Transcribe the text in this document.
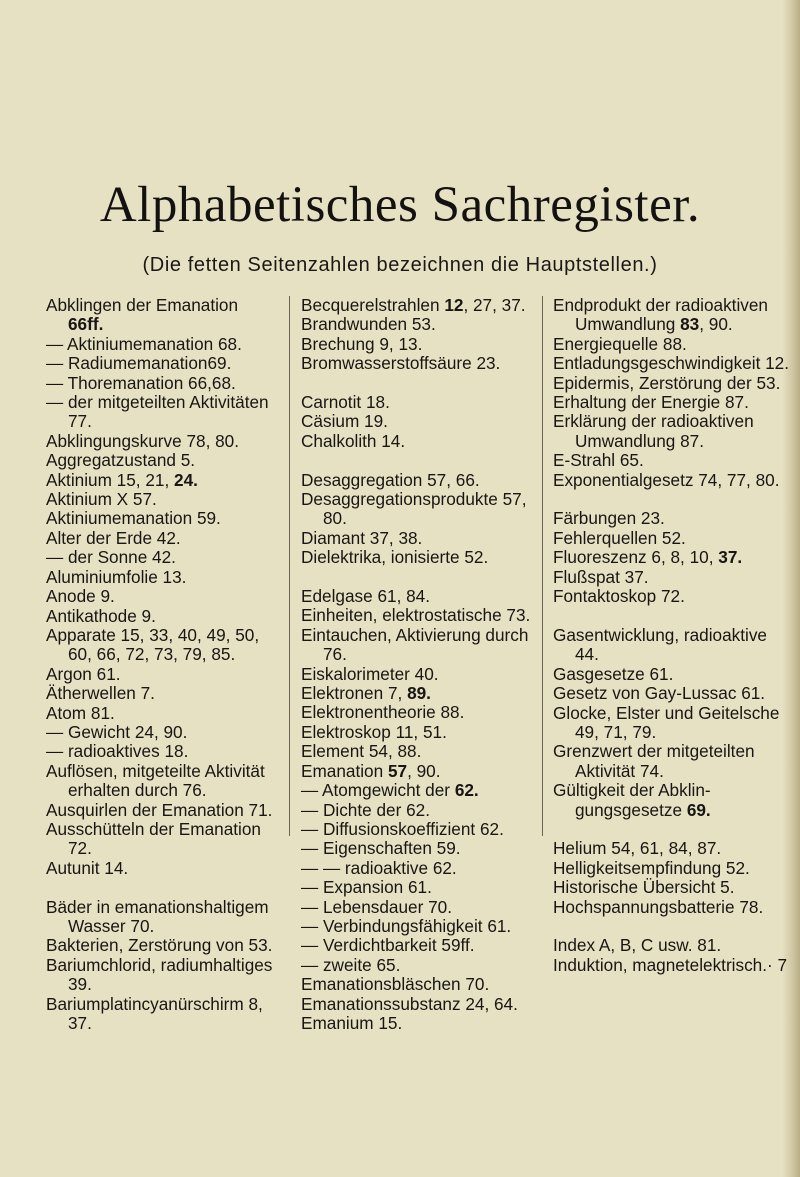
Alphabetisches Sachregister.
(Die fetten Seitenzahlen bezeichnen die Hauptstellen.)

Abklingen der Emanation 66ff.

— Aktiniumemanation 68.

— Radiumemanation69.

— Thoremanation 66,68.

— der mitgeteilten Aktivitäten 77.

Abklingungskurve 78, 80.

Aggregatzustand 5.

Aktinium 15, 21, 24.

Aktinium X 57.

Aktiniumemanation 59.

Alter der Erde 42.

— der Sonne 42.

Aluminiumfolie 13.

Anode 9.

Antikathode 9.

Apparate 15, 33, 40, 49, 50, 60, 66, 72, 73, 79, 85.

Argon 61.

Ätherwellen 7.

Atom 81.

— Gewicht 24, 90.

— radioaktives 18.

Auflösen, mitgeteilte Aktivität erhalten durch 76.

Ausquirlen der Emanation 71.

Ausschütteln der Emanation 72.

Autunit 14.

Bäder in emanationshaltigem Wasser 70.

Bakterien, Zerstörung von 53.

Bariumchlorid, radiumhaltiges 39.

Bariumplatincyanürschirm 8, 37.

Becquerelstrahlen 12, 27, 37.

Brandwunden 53.

Brechung 9, 13.

Bromwasserstoffsäure 23.

Carnotit 18.

Cäsium 19.

Chalkolith 14.

Desaggregation 57, 66.

Desaggregationsprodukte 57, 80.

Diamant 37, 38.

Dielektrika, ionisierte 52.

Edelgase 61, 84.

Einheiten, elektrostatische 73.

Eintauchen, Aktivierung durch 76.

Eiskalorimeter 40.

Elektronen 7, 89.

Elektronentheorie 88.

Elektroskop 11, 51.

Element 54, 88.

Emanation 57, 90.

— Atomgewicht der 62.

— Dichte der 62.

— Diffusionskoeffizient 62.

— Eigenschaften 59.

— — radioaktive 62.

— Expansion 61.

— Lebensdauer 70.

— Verbindungsfähigkeit 61.

— Verdichtbarkeit 59ff.

— zweite 65.

Emanationsbläschen 70.

Emanationssubstanz 24, 64.

Emanium 15.

Endprodukt der radioaktiven Umwandlung 83, 90.

Energiequelle 88.

Entladungsgeschwindigkeit 12.

Epidermis, Zerstörung der 53.

Erhaltung der Energie 87.

Erklärung der radioaktiven Umwandlung 87.

E-Strahl 65.

Exponentialgesetz 74, 77, 80.

Färbungen 23.

Fehlerquellen 52.

Fluoreszenz 6, 8, 10, 37.

Flußspat 37.

Fontaktoskop 72.

Gasentwicklung, radioaktive 44.

Gasgesetze 61.

Gesetz von Gay-Lussac 61.

Glocke, Elster und Geitelsche 49, 71, 79.

Grenzwert der mitgeteilten Aktivität 74.

Gültigkeit der Abklingungsgesetze 69.

Helium 54, 61, 84, 87.

Helligkeitsempfindung 52.

Historische Übersicht 5.

Hochspannungsbatterie 78.

Index A, B, C usw. 81.

Induktion, magnetelektrisch.· 7
